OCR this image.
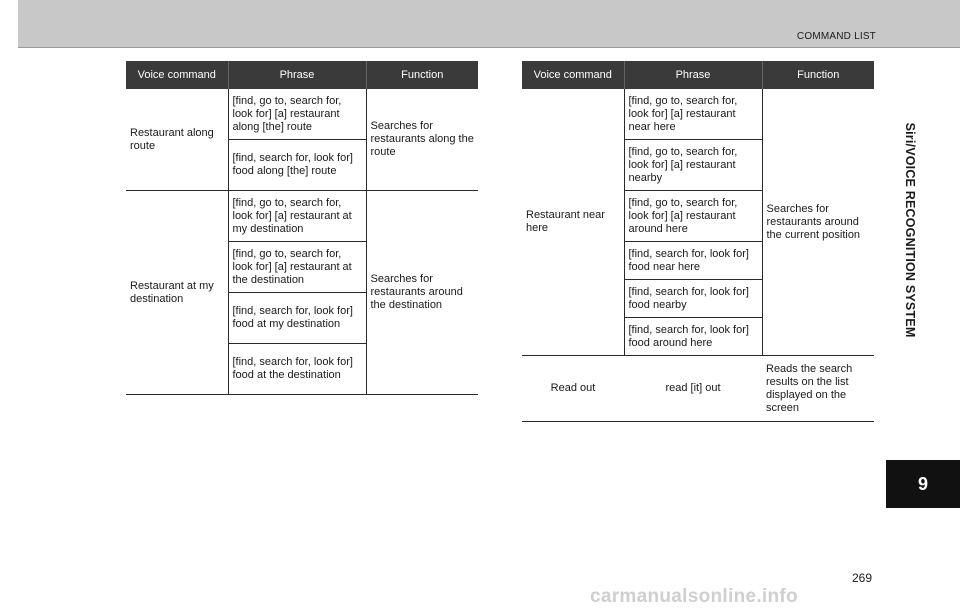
COMMAND LIST
Siri/VOICE RECOGNITION SYSTEM
9
Voice command	Phrase	Function
Restaurant along route	[find, go to, search for, look for] [a] restaurant along [the] route	Searches for restaurants along the route
	[find, search for, look for] food along [the] route	
Restaurant at my destination	[find, go to, search for, look for] [a] restaurant at my destination	Searches for restaurants around the destination
	[find, go to, search for, look for] [a] restaurant at the destination	
	[find, search for, look for] food at my destination	
	[find, search for, look for] food at the destination	
Voice command	Phrase	Function
Restaurant near here	[find, go to, search for, look for] [a] restaurant near here	Searches for restaurants around the current position
	[find, go to, search for, look for] [a] restaurant nearby	
	[find, go to, search for, look for] [a] restaurant around here	
	[find, search for, look for] food near here	
	[find, search for, look for] food nearby	
	[find, search for, look for] food around here	
Read out	read [it] out	Reads the search results on the list displayed on the screen
269
carmanualsonline.info
